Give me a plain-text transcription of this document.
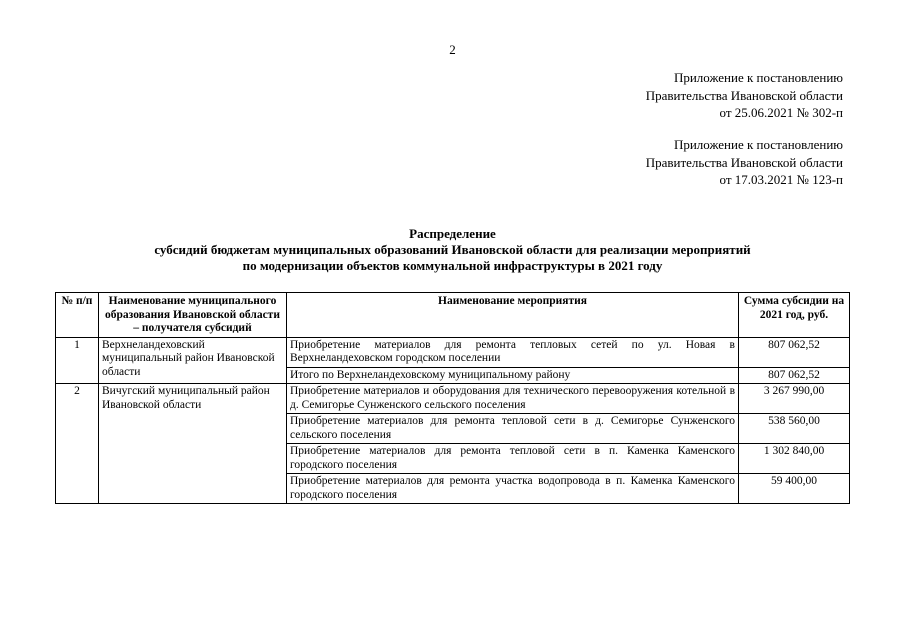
2
Приложение к постановлению
Правительства Ивановской области
от 25.06.2021 № 302-п
Приложение к постановлению
Правительства Ивановской области
от 17.03.2021 № 123-п
Распределение
субсидий бюджетам муниципальных образований Ивановской области для реализации мероприятий
по модернизации объектов коммунальной инфраструктуры в 2021 году
№ п/п	Наименование муниципального образования Ивановской области – получателя субсидий	Наименование мероприятия	Сумма субсидии на 2021 год, руб.
1	Верхнеландеховский муниципальный район Ивановской области	Приобретение материалов для ремонта тепловых сетей по ул. Новая в Верхнеландеховском городском поселении	807 062,52
		Итого по Верхнеландеховскому муниципальному району	807 062,52
2	Вичугский муниципальный район Ивановской области	Приобретение материалов и оборудования для технического перевооружения котельной в д. Семигорье Сунженского сельского поселения	3 267 990,00
		Приобретение материалов для ремонта тепловой сети в д. Семигорье Сунженского сельского поселения	538 560,00
		Приобретение материалов для ремонта тепловой сети в п. Каменка Каменского городского поселения	1 302 840,00
		Приобретение материалов для ремонта участка водопровода в п. Каменка Каменского городского поселения	59 400,00
